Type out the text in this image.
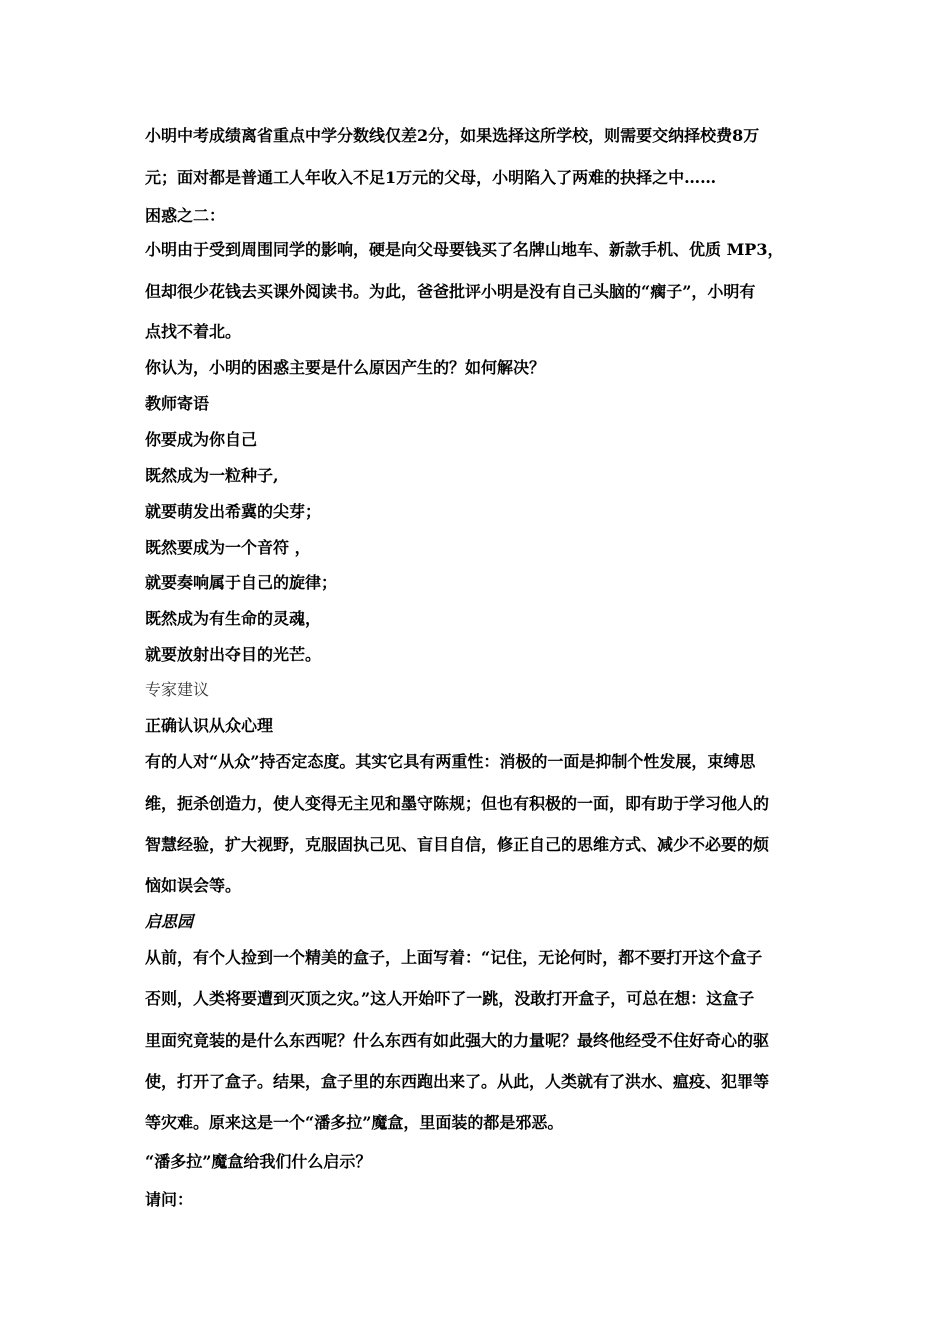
小明中考成绩离省重点中学分数线仅差2分，如果选择这所学校，则需要交纳择校费8万
元；面对都是普通工人年收入不足1万元的父母，小明陷入了两难的抉择之中……
困惑之二：
小明由于受到周围同学的影响，硬是向父母要钱买了名牌山地车、新款手机、优质 MP3，
但却很少花钱去买课外阅读书。为此，爸爸批评小明是没有自己头脑的“瘸子”，小明有
点找不着北。
你认为，小明的困惑主要是什么原因产生的？如何解决？
教师寄语
你要成为你自己
既然成为一粒种子,
就要萌发出希冀的尖芽；
既然要成为一个音符 ，
就要奏响属于自己的旋律；
既然成为有生命的灵魂，
就要放射出夺目的光芒。
专家建议
正确认识从众心理
有的人对“从众”持否定态度。其实它具有两重性：消极的一面是抑制个性发展，束缚思
维，扼杀创造力，使人变得无主见和墨守陈规；但也有积极的一面，即有助于学习他人的
智慧经验，扩大视野，克服固执己见、盲目自信，修正自己的思维方式、减少不必要的烦
恼如误会等。
启思园
从前，有个人捡到一个精美的盒子，上面写着：“记住，无论何时，都不要打开这个盒子
否则，人类将要遭到灭顶之灾。”这人开始吓了一跳，没敢打开盒子，可总在想：这盒子
里面究竟装的是什么东西呢？什么东西有如此强大的力量呢？最终他经受不住好奇心的驱
使，打开了盒子。结果，盒子里的东西跑出来了。从此，人类就有了洪水、瘟疫、犯罪等
等灾难。原来这是一个“潘多拉”魔盒，里面装的都是邪恶。
“潘多拉”魔盒给我们什么启示？
请问：
